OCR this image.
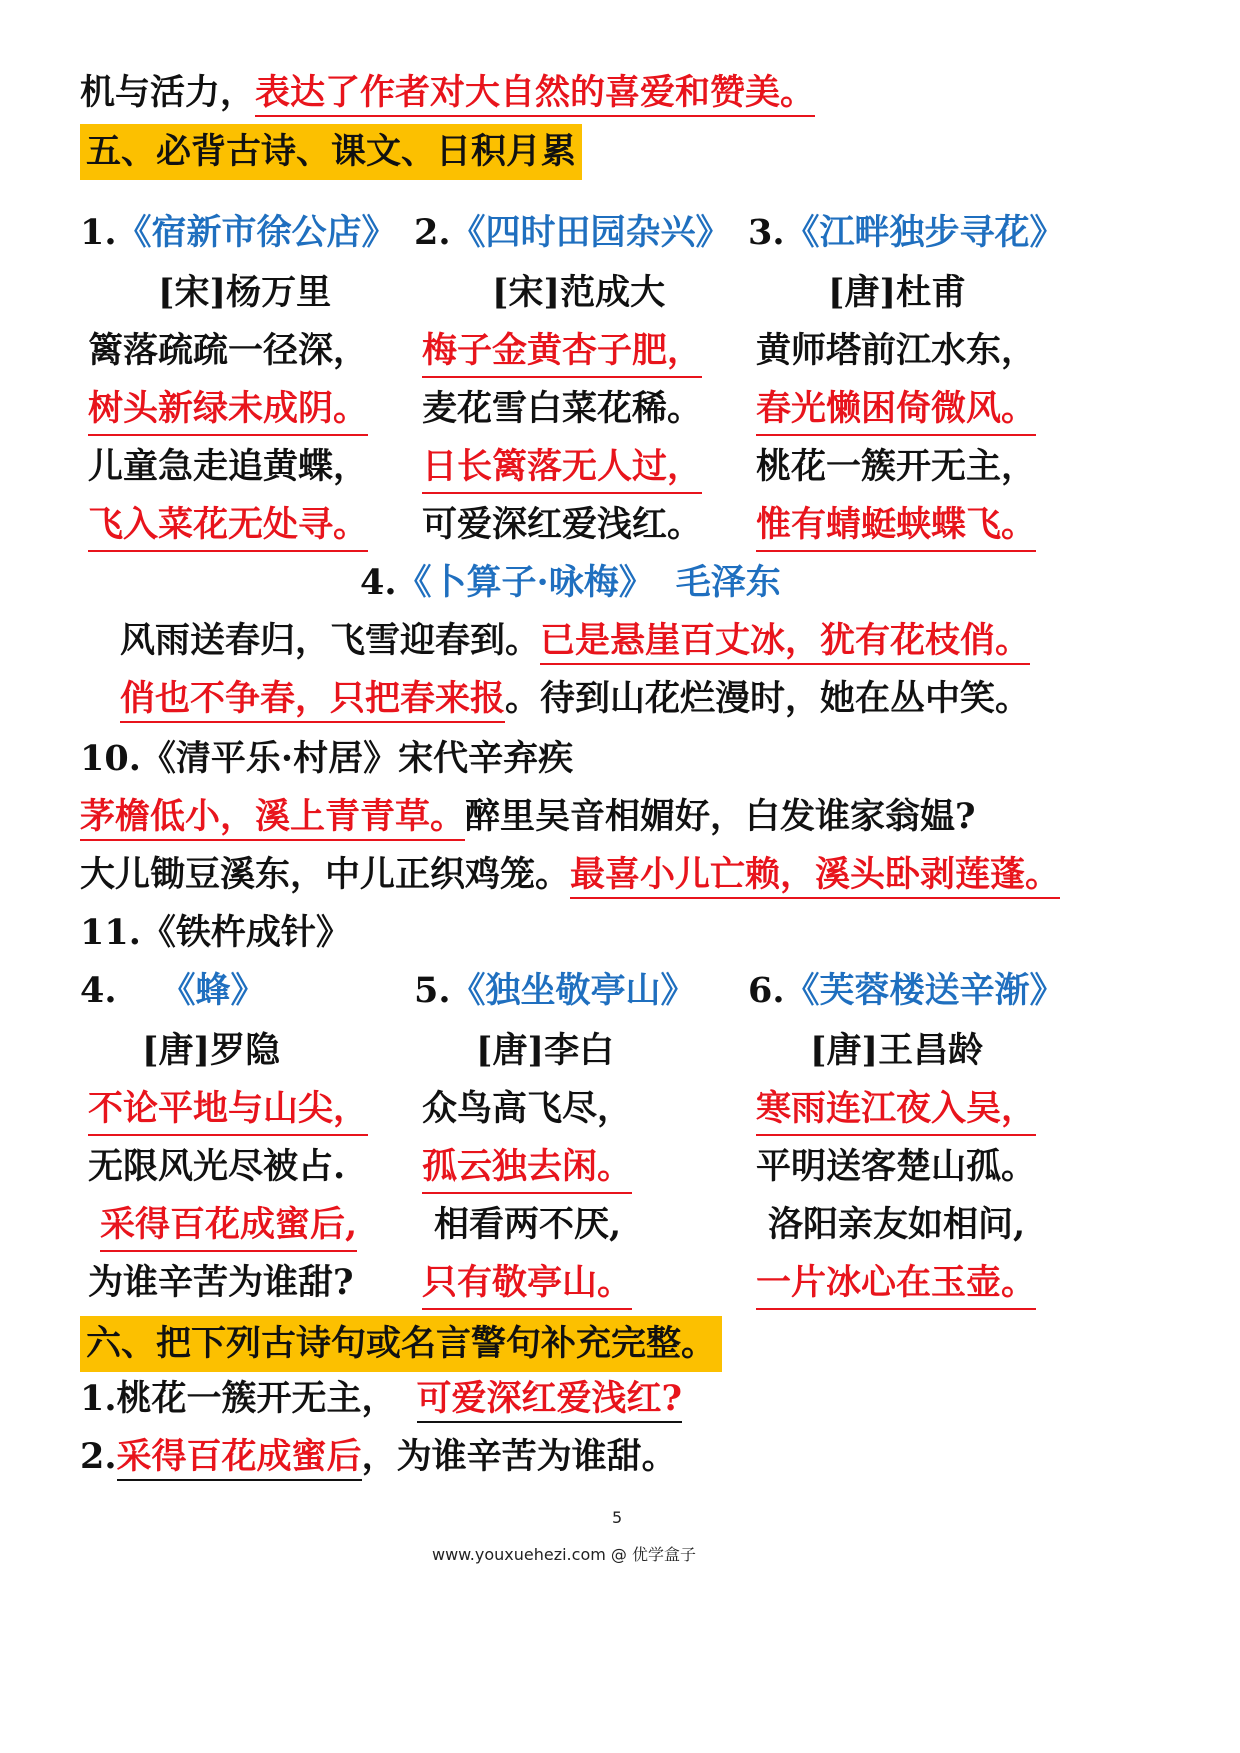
机与活力，表达了作者对大自然的喜爱和赞美。
五、必背古诗、课文、日积月累
1.《宿新市徐公店》
[宋]杨万里
篱落疏疏一径深，
树头新绿未成阴。
儿童急走追黄蝶，
飞入菜花无处寻。
2.《四时田园杂兴》
[宋]范成大
梅子金黄杏子肥，
麦花雪白菜花稀。
日长篱落无人过，
可爱深红爱浅红。
3.《江畔独步寻花》
[唐]杜甫
黄师塔前江水东，
春光懒困倚微风。
桃花一簇开无主，
惟有蜻蜓蛱蝶飞。
4.《卜算子·咏梅》 毛泽东
风雨送春归，飞雪迎春到。已是悬崖百丈冰，犹有花枝俏。
俏也不争春，只把春来报。待到山花烂漫时，她在丛中笑。
10.《清平乐·村居》宋代辛弃疾
茅檐低小，溪上青青草。醉里吴音相媚好，白发谁家翁媪?
大儿锄豆溪东，中儿正织鸡笼。最喜小儿亡赖，溪头卧剥莲蓬。
11.《铁杵成针》
4. 《蜂》
[唐]罗隐
不论平地与山尖，
无限风光尽被占.
采得百花成蜜后,
为谁辛苦为谁甜?
5.《独坐敬亭山》
[唐]李白
众鸟高飞尽，
孤云独去闲。
相看两不厌,
只有敬亭山。
6.《芙蓉楼送辛渐》
[唐]王昌龄
寒雨连江夜入吴，
平明送客楚山孤。
洛阳亲友如相问,
一片冰心在玉壶。
六、把下列古诗句或名言警句补充完整。
1.桃花一簇开无主， 可爱深红爱浅红?
2.采得百花成蜜后，为谁辛苦为谁甜。
5
www.youxuehezi.com @ 优学盒子
